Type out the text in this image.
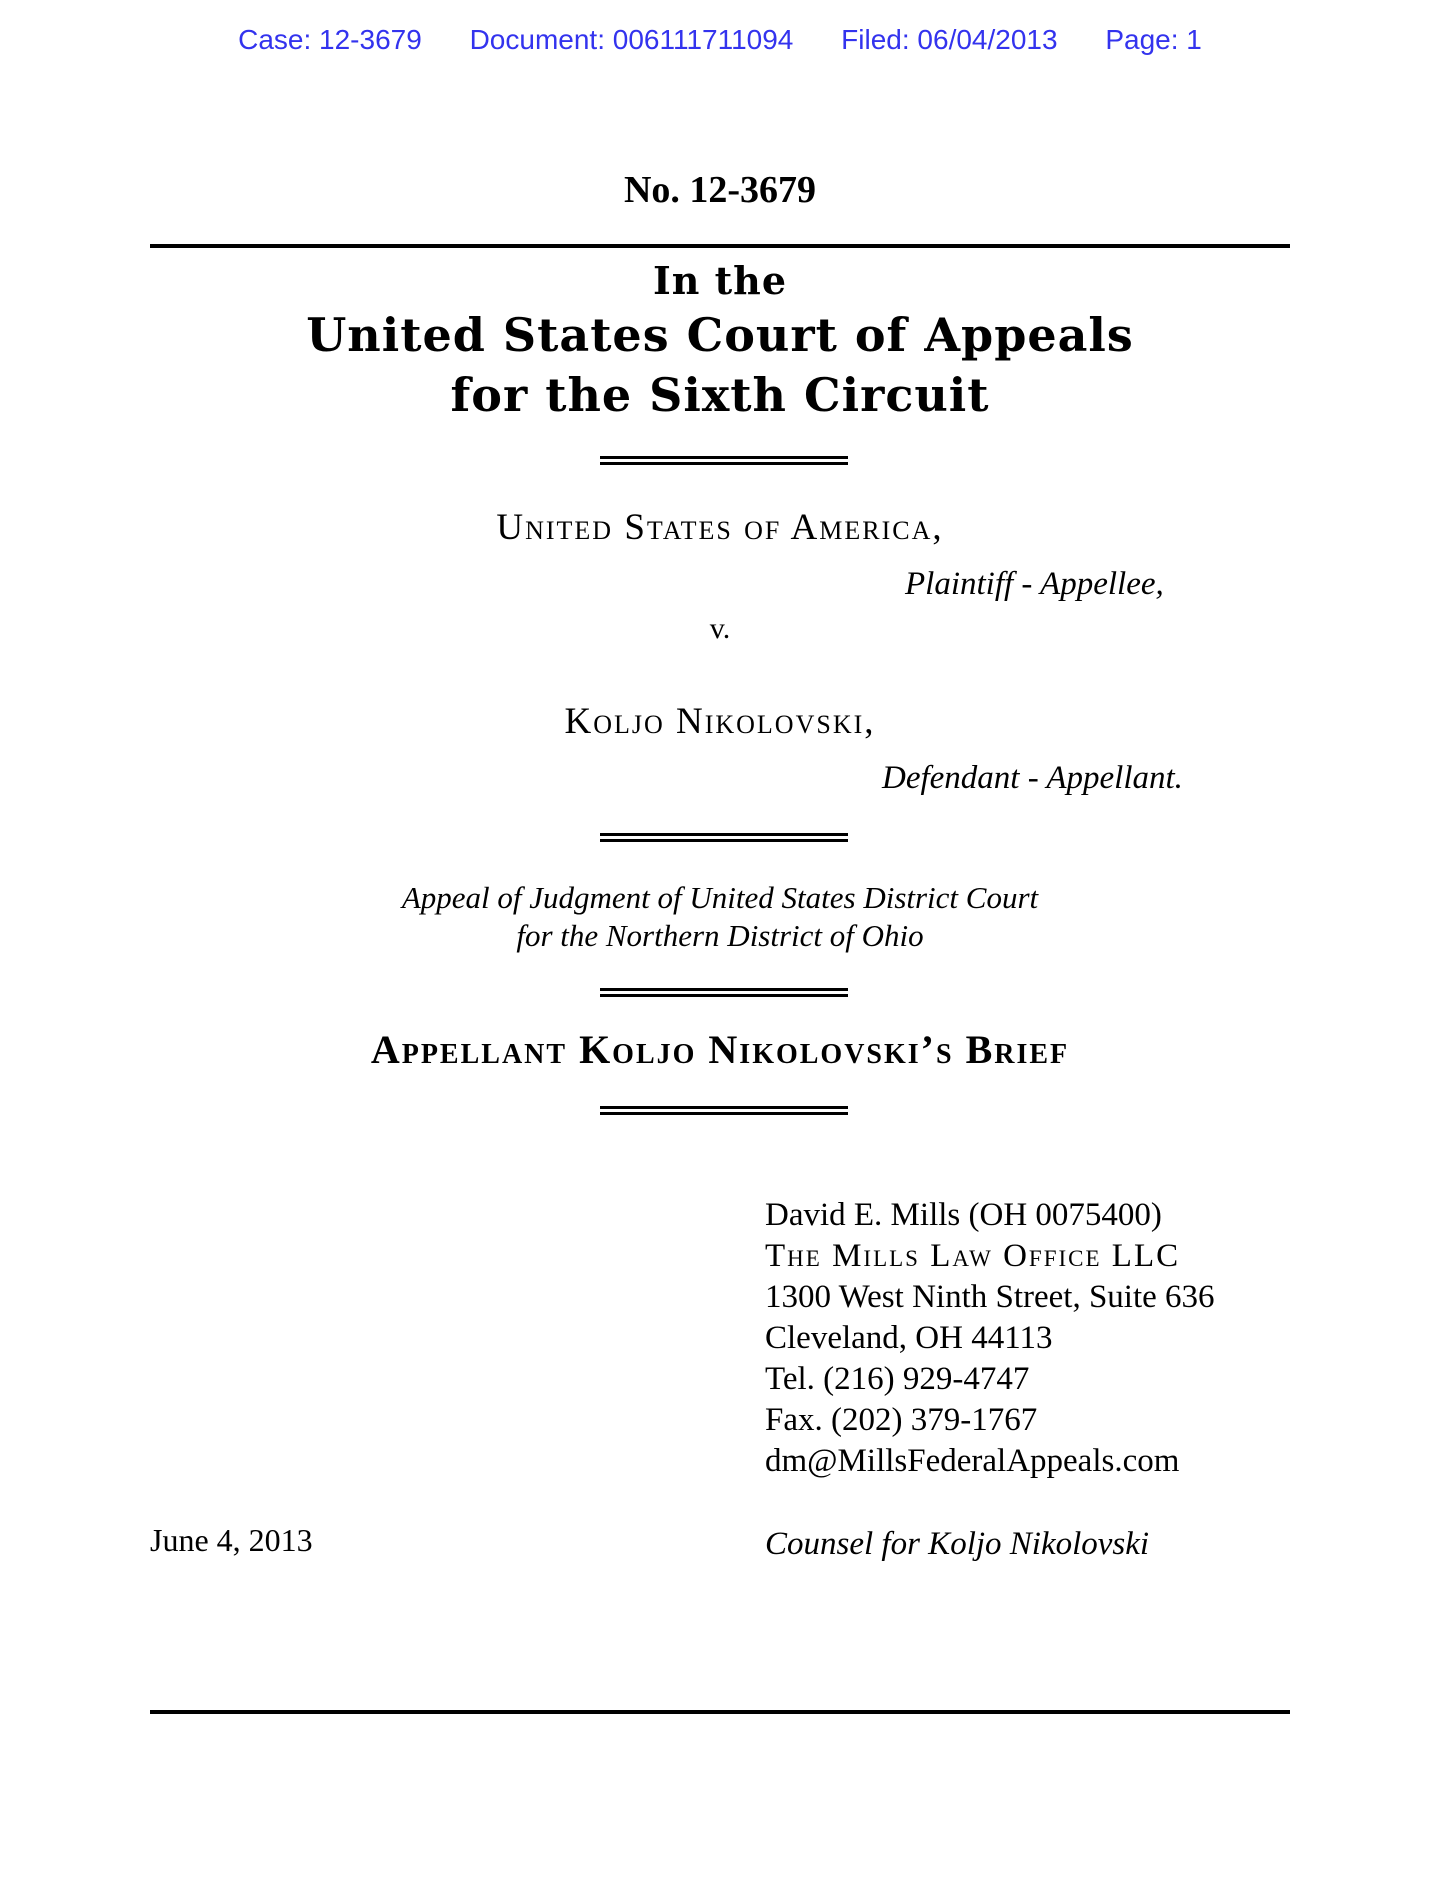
Case: 12-3679 Document: 006111711094 Filed: 06/04/2013 Page: 1
No. 12-3679
In the
United States Court of Appeals
for the Sixth Circuit
United States of America,
Plaintiff - Appellee,
v.
Koljo Nikolovski,
Defendant - Appellant.
Appeal of Judgment of United States District Court
for the Northern District of Ohio
Appellant Koljo Nikolovski’s Brief
David E. Mills (OH 0075400)
The Mills Law Office LLC
1300 West Ninth Street, Suite 636
Cleveland, OH 44113
Tel. (216) 929-4747
Fax. (202) 379-1767
dm@MillsFederalAppeals.com
June 4, 2013	Counsel for Koljo Nikolovski
